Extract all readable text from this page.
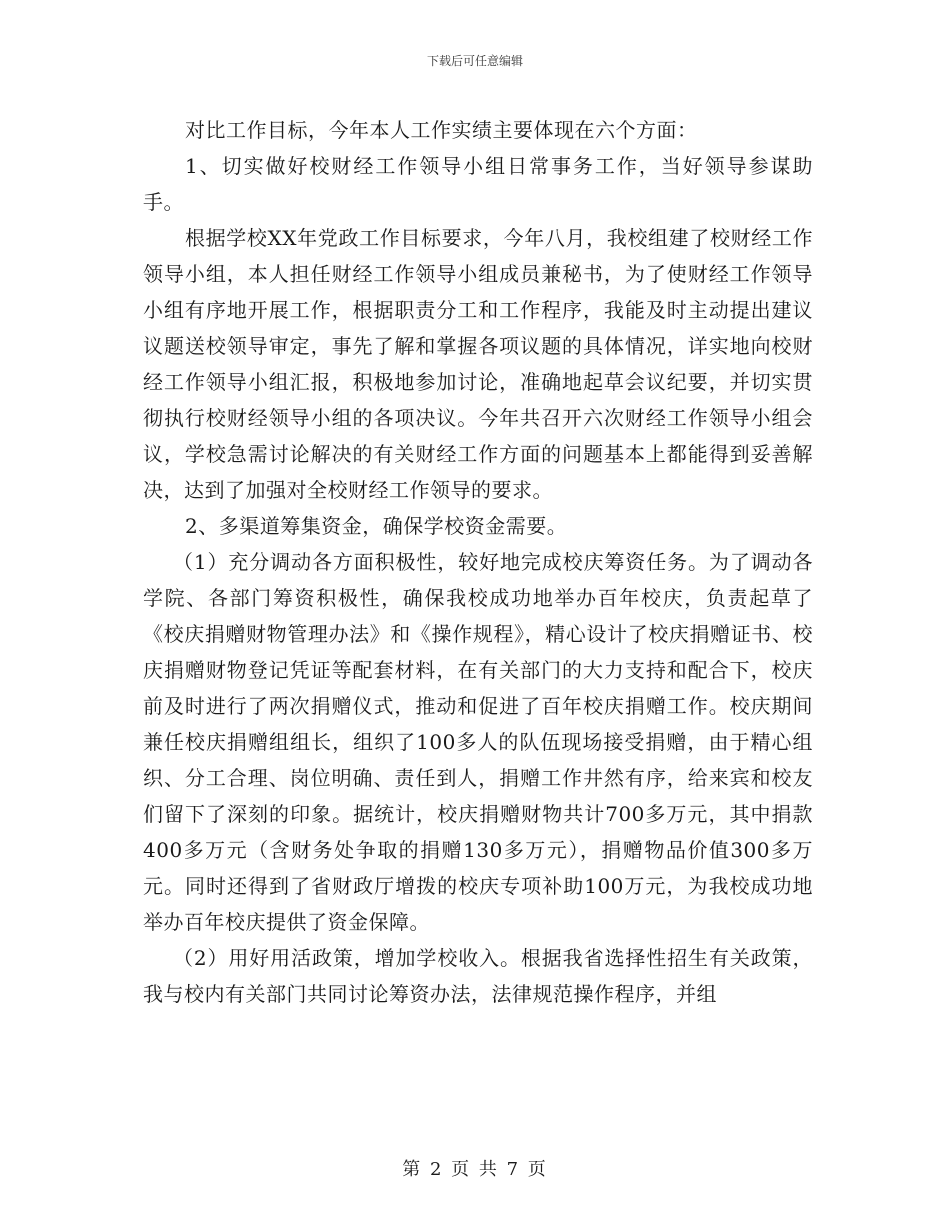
下载后可任意编辑

对比工作目标，今年本人工作实绩主要体现在六个方面：

1、切实做好校财经工作领导小组日常事务工作，当好领导参谋助手。

根据学校XX年党政工作目标要求，今年八月，我校组建了校财经工作领导小组，本人担任财经工作领导小组成员兼秘书，为了使财经工作领导小组有序地开展工作，根据职责分工和工作程序，我能及时主动提出建议议题送校领导审定，事先了解和掌握各项议题的具体情况，详实地向校财经工作领导小组汇报，积极地参加讨论，准确地起草会议纪要，并切实贯彻执行校财经领导小组的各项决议。今年共召开六次财经工作领导小组会议，学校急需讨论解决的有关财经工作方面的问题基本上都能得到妥善解决，达到了加强对全校财经工作领导的要求。

2、多渠道筹集资金，确保学校资金需要。

（1）充分调动各方面积极性，较好地完成校庆筹资任务。为了调动各学院、各部门筹资积极性，确保我校成功地举办百年校庆，负责起草了《校庆捐赠财物管理办法》和《操作规程》，精心设计了校庆捐赠证书、校庆捐赠财物登记凭证等配套材料，在有关部门的大力支持和配合下，校庆前及时进行了两次捐赠仪式，推动和促进了百年校庆捐赠工作。校庆期间兼任校庆捐赠组组长，组织了100多人的队伍现场接受捐赠，由于精心组织、分工合理、岗位明确、责任到人，捐赠工作井然有序，给来宾和校友们留下了深刻的印象。据统计，校庆捐赠财物共计700多万元，其中捐款400多万元（含财务处争取的捐赠130多万元），捐赠物品价值300多万元。同时还得到了省财政厅增拨的校庆专项补助100万元，为我校成功地举办百年校庆提供了资金保障。

（2）用好用活政策，增加学校收入。根据我省选择性招生有关政策，我与校内有关部门共同讨论筹资办法，法律规范操作程序，并组

第 2 页 共 7 页
